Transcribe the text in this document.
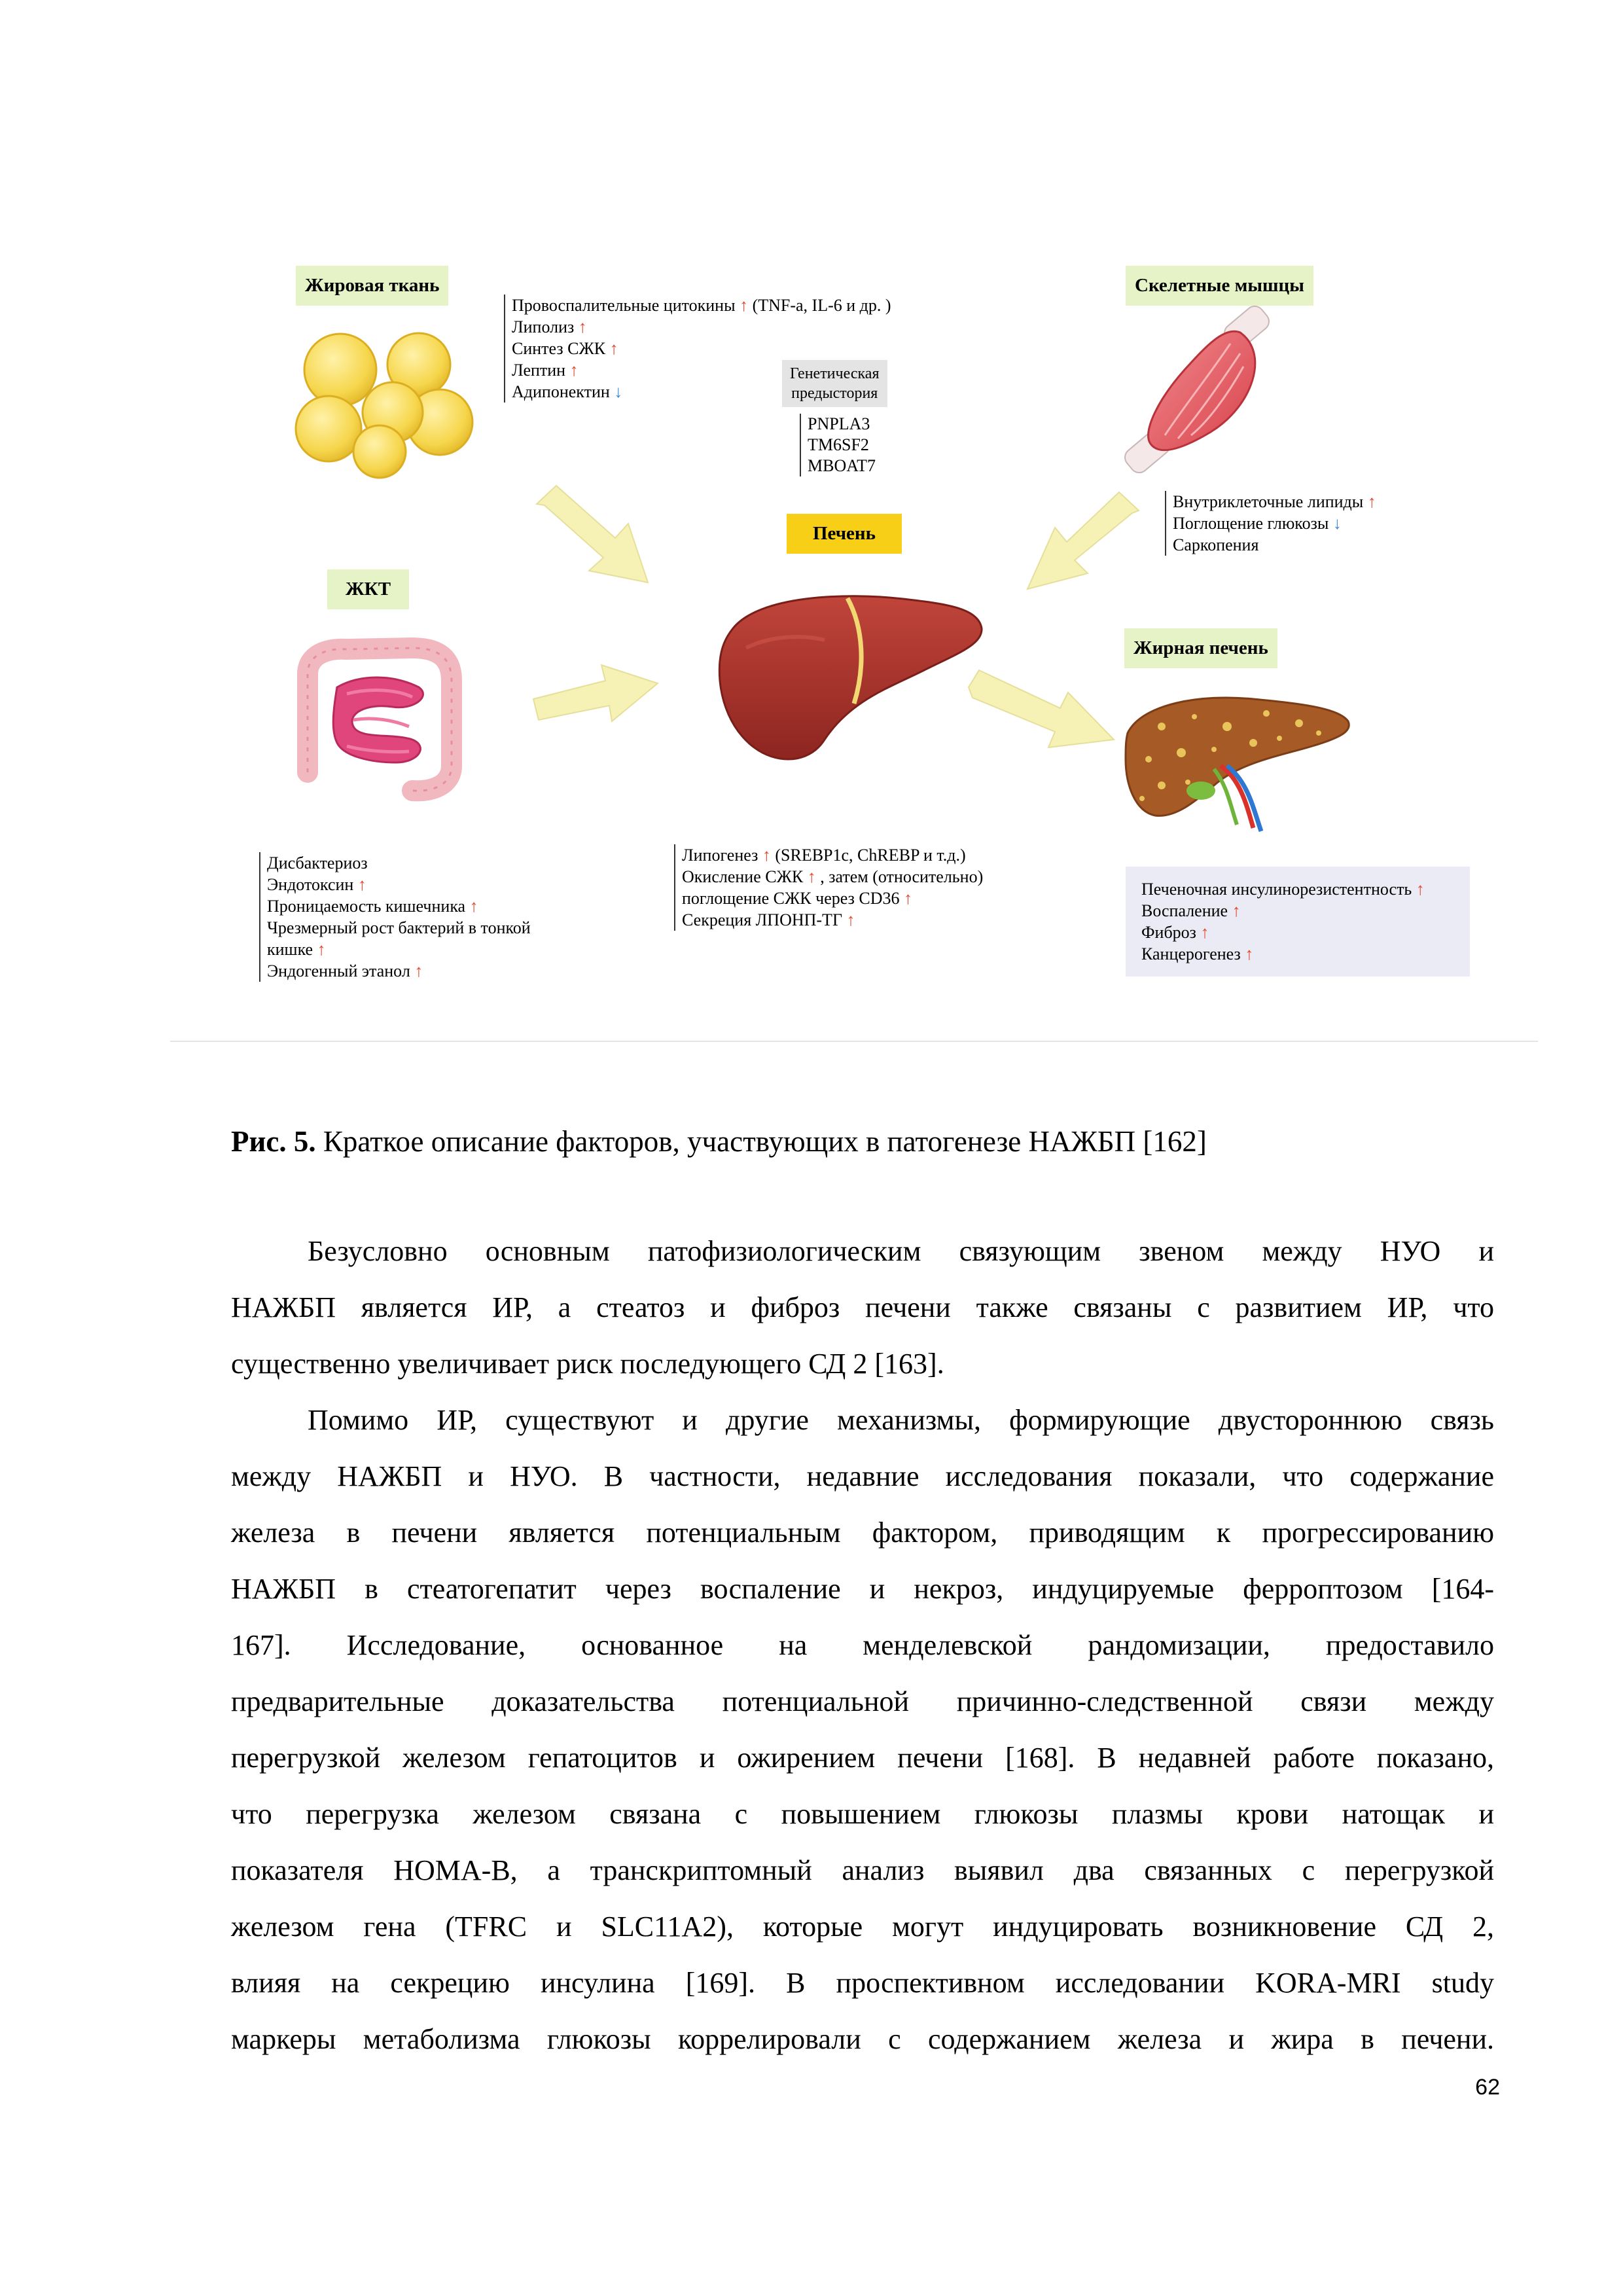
Жировая ткань
Провоспалительные цитокины ↑ (TNF-a, IL-6 и др. )
Липолиз ↑
Синтез СЖК ↑
Лептин ↑
Адипонектин ↓
Генетическая
предыстория
PNPLA3
TM6SF2
MBOAT7
Печень
Липогенез ↑ (SREBP1c, ChREBP и т.д.)
Окисление СЖК ↑ , затем (относительно)
поглощение СЖК через CD36 ↑
Секреция ЛПОНП-ТГ ↑
Скелетные мышцы
Внутриклеточные липиды ↑
Поглощение глюкозы ↓
Саркопения
ЖКТ
Дисбактериоз
Эндотоксин ↑
Проницаемость кишечника ↑
Чрезмерный рост бактерий в тонкой
кишке ↑
Эндогенный этанол ↑
Жирная печень
Печеночная инсулинорезистентность ↑
Воспаление ↑
Фиброз ↑
Канцерогенез ↑
Рис. 5. Краткое описание факторов, участвующих в патогенезе НАЖБП [162]
Безусловно основным патофизиологическим связующим звеном между НУО и
НАЖБП является ИР, а стеатоз и фиброз печени также связаны с развитием ИР, что
существенно увеличивает риск последующего СД 2 [163].
Помимо ИР, существуют и другие механизмы, формирующие двустороннюю связь
между НАЖБП и НУО. В частности, недавние исследования показали, что содержание
железа в печени является потенциальным фактором, приводящим к прогрессированию
НАЖБП в стеатогепатит через воспаление и некроз, индуцируемые ферроптозом [164-
167]. Исследование, основанное на менделевской рандомизации, предоставило
предварительные доказательства потенциальной причинно-следственной связи между
перегрузкой железом гепатоцитов и ожирением печени [168]. В недавней работе показано,
что перегрузка железом связана с повышением глюкозы плазмы крови натощак и
показателя HOMA-B, а транскриптомный анализ выявил два связанных с перегрузкой
железом гена (TFRC и SLC11A2), которые могут индуцировать возникновение СД 2,
влияя на секрецию инсулина [169]. В проспективном исследовании KORA-MRI study
маркеры метаболизма глюкозы коррелировали с содержанием железа и жира в печени.
62
